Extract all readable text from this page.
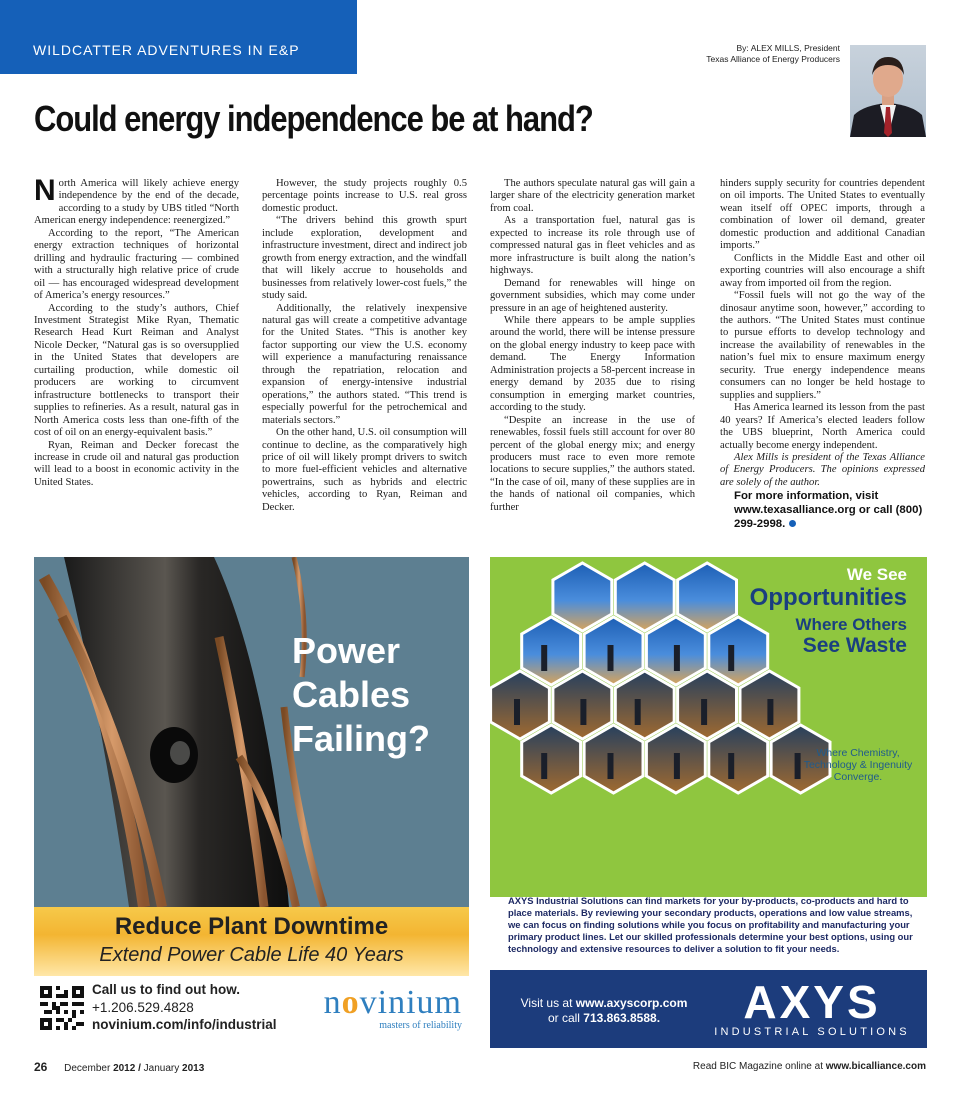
WILDCATTER ADVENTURES IN E&P	By: ALEX MILLS, President
Texas Alliance of Energy Producers
Could energy independence be at hand?

North America will likely achieve energy independence by the end of the decade, according to a study by UBS titled “North American energy independence: reenergized.”

According to the report, “The American energy extraction techniques of horizontal drilling and hydraulic fracturing — combined with a structurally high relative price of crude oil — has encouraged widespread development of America’s energy resources.”

According to the study’s authors, Chief Investment Strategist Mike Ryan, Thematic Research Head Kurt Reiman and Analyst Nicole Decker, “Natural gas is so oversupplied in the United States that developers are curtailing production, while domestic oil producers are working to circumvent infrastructure bottlenecks to transport their supplies to refineries. As a result, natural gas in North America costs less than one-fifth of the cost of oil on an energy-equivalent basis.”

Ryan, Reiman and Decker forecast the increase in crude oil and natural gas production will lead to a boost in economic activity in the United States.

However, the study projects roughly 0.5 percentage points increase to U.S. real gross domestic product.

“The drivers behind this growth spurt include exploration, development and infrastructure investment, direct and indirect job growth from energy extraction, and the windfall that will likely accrue to households and businesses from relatively lower-cost fuels,” the study said.

Additionally, the relatively inexpensive natural gas will create a competitive advantage for the United States. “This is another key factor supporting our view the U.S. economy will experience a manufacturing renaissance through the repatriation, relocation and expansion of energy-intensive industrial operations,” the authors stated. “This trend is especially powerful for the petrochemical and materials sectors.”

On the other hand, U.S. oil consumption will continue to decline, as the comparatively high price of oil will likely prompt drivers to switch to more fuel-efficient vehicles and alternative powertrains, such as hybrids and electric vehicles, according to Ryan, Reiman and Decker.

The authors speculate natural gas will gain a larger share of the electricity generation market from coal.

As a transportation fuel, natural gas is expected to increase its role through use of compressed natural gas in fleet vehicles and as more infrastructure is built along the nation’s highways.

Demand for renewables will hinge on government subsidies, which may come under pressure in an age of heightened austerity.

While there appears to be ample supplies around the world, there will be intense pressure on the global energy industry to keep pace with demand. The Energy Information Administration projects a 58-percent increase in energy demand by 2035 due to rising consumption in emerging market countries, according to the study.

“Despite an increase in the use of renewables, fossil fuels still account for over 80 percent of the global energy mix; and energy producers must race to even more remote locations to secure supplies,” the authors stated. “In the case of oil, many of these supplies are in the hands of national oil companies, which further

hinders supply security for countries dependent on oil imports. The United States to eventually wean itself off OPEC imports, through a combination of lower oil demand, greater domestic production and additional Canadian imports.”

Conflicts in the Middle East and other oil exporting countries will also encourage a shift away from imported oil from the region.

“Fossil fuels will not go the way of the dinosaur anytime soon, however,” according to the authors. “The United States must continue to pursue efforts to develop technology and increase the availability of renewables in the nation’s fuel mix to ensure maximum energy security. True energy independence means consumers can no longer be held hostage to supplies and suppliers.”

Has America learned its lesson from the past 40 years? If America’s elected leaders follow the UBS blueprint, North America could actually become energy independent.

Alex Mills is president of the Texas Alliance of Energy Producers. The opinions expressed are solely of the author.

For more information, visit www.texasalliance.org or call (800) 299-2998.
Power
Cables
Failing?
Reduce Plant Downtime
Extend Power Cable Life 40 Years
Call us to find out how.
+1.206.529.4828
novinium.com/info/industrial
novinium
masters of reliability
We See
Opportunities
Where Others
See Waste
Where Chemistry, Technology & Ingenuity Converge.
AXYS Industrial Solutions can find markets for your by-products, co-products and hard to place materials. By reviewing your secondary products, operations and low value streams, we can focus on finding solutions while you focus on profitability and manufacturing your primary product lines. Let our skilled professionals determine your best options, using our technology and extensive resources to deliver a solution to fit your needs.
Visit us at www.axyscorp.com
or call 713.863.8588.	AXYS
INDUSTRIAL SOLUTIONS
26 December 2012 / January 2013	Read BIC Magazine online at www.bicalliance.com
